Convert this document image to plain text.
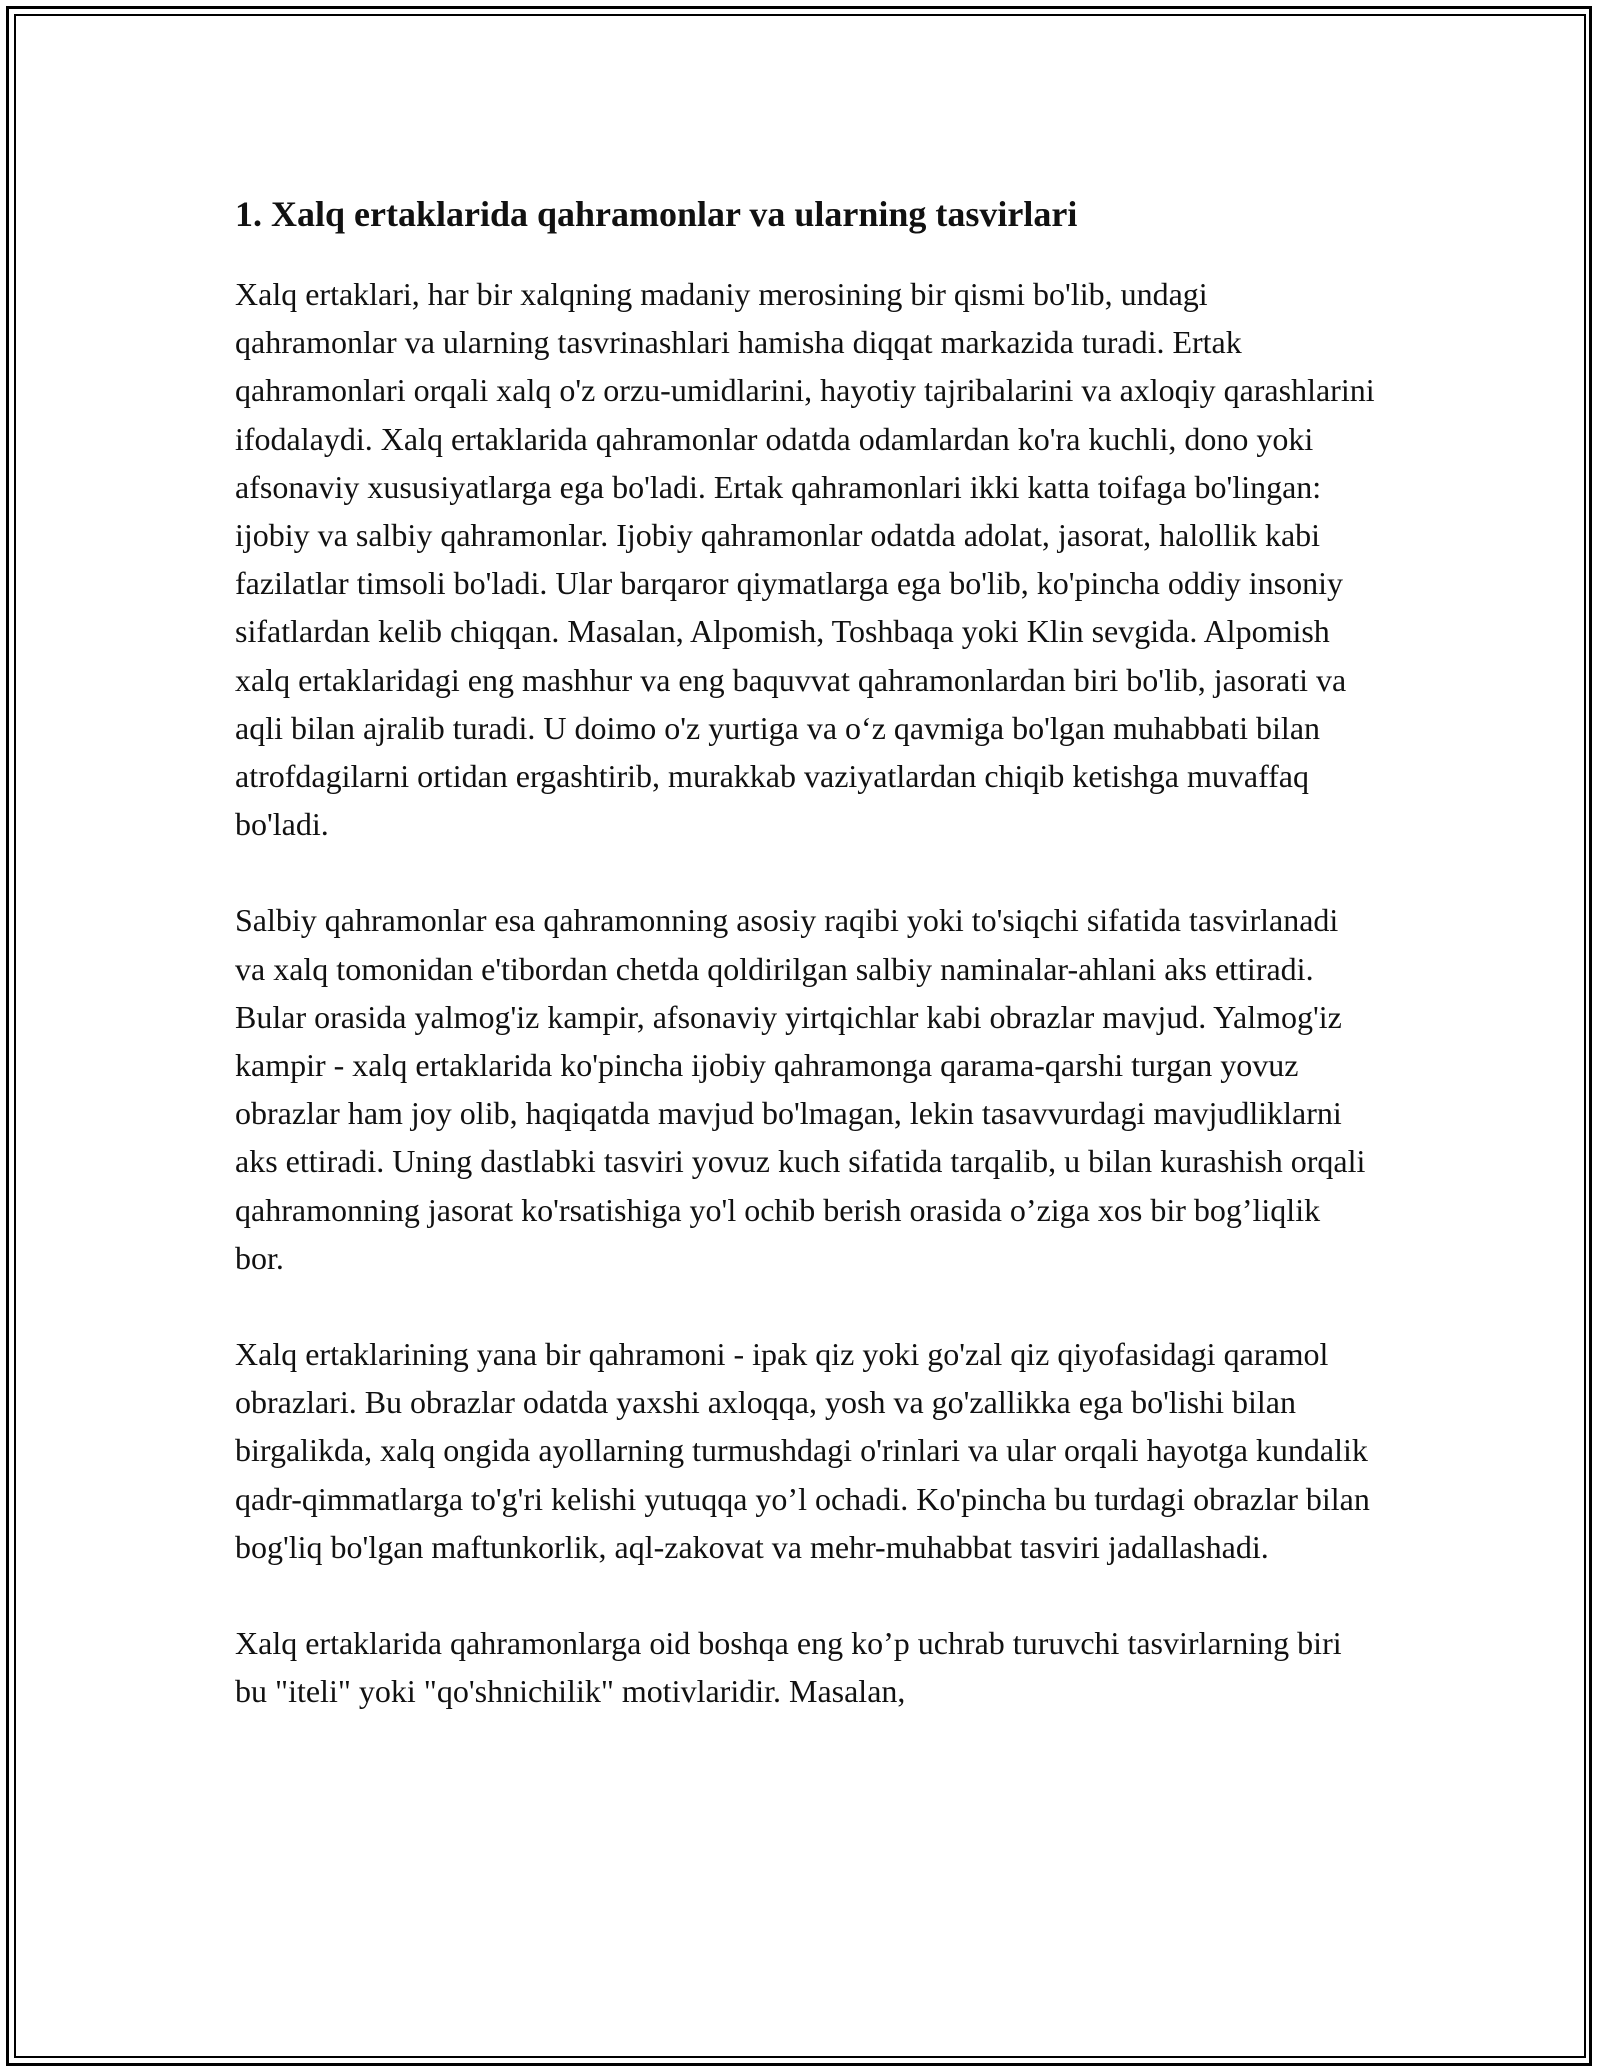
1. Xalq ertaklarida qahramonlar va ularning tasvirlari

Xalq ertaklari, har bir xalqning madaniy merosining bir qismi bo'lib, undagi qahramonlar va ularning tasvrinashlari hamisha diqqat markazida turadi. Ertak qahramonlari orqali xalq o'z orzu-umidlarini, hayotiy tajribalarini va axloqiy qarashlarini ifodalaydi. Xalq ertaklarida qahramonlar odatda odamlardan ko'ra kuchli, dono yoki afsonaviy xususiyatlarga ega bo'ladi. Ertak qahramonlari ikki katta toifaga bo'lingan: ijobiy va salbiy qahramonlar. Ijobiy qahramonlar odatda adolat, jasorat, halollik kabi fazilatlar timsoli bo'ladi. Ular barqaror qiymatlarga ega bo'lib, ko'pincha oddiy insoniy sifatlardan kelib chiqqan. Masalan, Alpomish, Toshbaqa yoki Klin sevgida. Alpomish xalq ertaklaridagi eng mashhur va eng baquvvat qahramonlardan biri bo'lib, jasorati va aqli bilan ajralib turadi. U doimo o'z yurtiga va o‘z qavmiga bo'lgan muhabbati bilan atrofdagilarni ortidan ergashtirib, murakkab vaziyatlardan chiqib ketishga muvaffaq bo'ladi.

Salbiy qahramonlar esa qahramonning asosiy raqibi yoki to'siqchi sifatida tasvirlanadi va xalq tomonidan e'tibordan chetda qoldirilgan salbiy naminalar-ahlani aks ettiradi. Bular orasida yalmog'iz kampir, afsonaviy yirtqichlar kabi obrazlar mavjud. Yalmog'iz kampir - xalq ertaklarida ko'pincha ijobiy qahramonga qarama-qarshi turgan yovuz obrazlar ham joy olib, haqiqatda mavjud bo'lmagan, lekin tasavvurdagi mavjudliklarni aks ettiradi. Uning dastlabki tasviri yovuz kuch sifatida tarqalib, u bilan kurashish orqali qahramonning jasorat ko'rsatishiga yo'l ochib berish orasida o’ziga xos bir bog’liqlik bor.

Xalq ertaklarining yana bir qahramoni - ipak qiz yoki go'zal qiz qiyofasidagi qaramol obrazlari. Bu obrazlar odatda yaxshi axloqqa, yosh va go'zallikka ega bo'lishi bilan birgalikda, xalq ongida ayollarning turmushdagi o'rinlari va ular orqali hayotga kundalik qadr-qimmatlarga to'g'ri kelishi yutuqqa yo’l ochadi. Ko'pincha bu turdagi obrazlar bilan bog'liq bo'lgan maftunkorlik, aql-zakovat va mehr-muhabbat tasviri jadallashadi.

Xalq ertaklarida qahramonlarga oid boshqa eng ko’p uchrab turuvchi tasvirlarning biri bu "iteli" yoki "qo'shnichilik" motivlaridir. Masalan,
